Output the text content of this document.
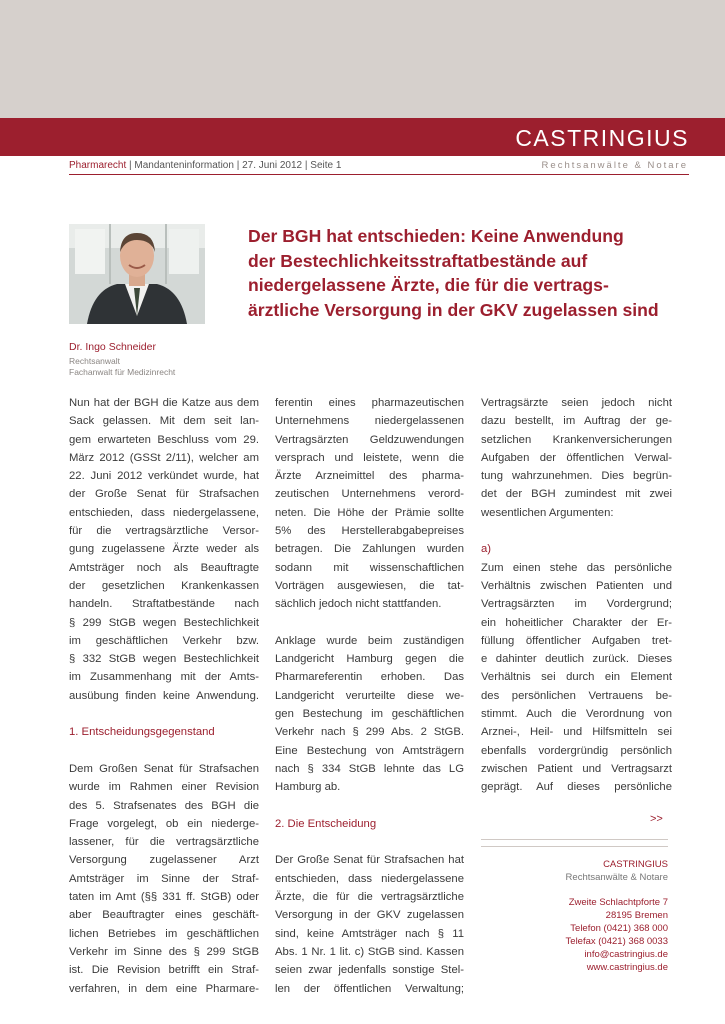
CASTRINGIUS
Pharmarecht | Mandanteninformation | 27. Juni 2012 | Seite 1	Rechtsanwälte & Notare
Dr. Ingo Schneider
Rechtsanwalt
Fachanwalt für Medizinrecht
Der BGH hat entschieden: Keine Anwendung
der Bestechlichkeitsstraftatbestände auf
niedergelassene Ärzte, die für die vertrags-
ärztliche Versorgung in der GKV zugelassen sind
Nun hat der BGH die Katze aus dem
Sack gelassen. Mit dem seit lan-
gem erwarteten Beschluss vom 29.
März 2012 (GSSt 2/11), welcher am
22. Juni 2012 verkündet wurde, hat
der Große Senat für Strafsachen
entschieden, dass niedergelassene,
für die vertragsärztliche Versor-
gung zugelassene Ärzte weder als
Amtsträger noch als Beauftragte
der gesetzlichen Krankenkassen
handeln. Straftatbestände nach
§ 299 StGB wegen Bestechlichkeit
im geschäftlichen Verkehr bzw.
§ 332 StGB wegen Bestechlichkeit
im Zusammenhang mit der Amts-
ausübung finden keine Anwendung.
1. Entscheidungsgegenstand
Dem Großen Senat für Strafsachen
wurde im Rahmen einer Revision
des 5. Strafsenates des BGH die
Frage vorgelegt, ob ein niederge-
lassener, für die vertragsärztliche
Versorgung zugelassener Arzt
Amtsträger im Sinne der Straf-
taten im Amt (§§ 331 ff. StGB) oder
aber Beauftragter eines geschäft-
lichen Betriebes im geschäftlichen
Verkehr im Sinne des § 299 StGB
ist. Die Revision betrifft ein Straf-
verfahren, in dem eine Pharmare-
ferentin eines pharmazeutischen
Unternehmens niedergelassenen
Vertragsärzten Geldzuwendungen
versprach und leistete, wenn die
Ärzte Arzneimittel des pharma-
zeutischen Unternehmens verord-
neten. Die Höhe der Prämie sollte
5% des Herstellerabgabepreises
betragen. Die Zahlungen wurden
sodann mit wissenschaftlichen
Vorträgen ausgewiesen, die tat-
sächlich jedoch nicht stattfanden.
Anklage wurde beim zuständigen
Landgericht Hamburg gegen die
Pharmareferentin erhoben. Das
Landgericht verurteilte diese we-
gen Bestechung im geschäftlichen
Verkehr nach § 299 Abs. 2 StGB.
Eine Bestechung von Amtsträgern
nach § 334 StGB lehnte das LG
Hamburg ab.
2. Die Entscheidung
Der Große Senat für Strafsachen hat
entschieden, dass niedergelassene
Ärzte, die für die vertragsärztliche
Versorgung in der GKV zugelassen
sind, keine Amtsträger nach § 11
Abs. 1 Nr. 1 lit. c) StGB sind. Kassen
seien zwar jedenfalls sonstige Stel-
len der öffentlichen Verwaltung;
Vertragsärzte seien jedoch nicht
dazu bestellt, im Auftrag der ge-
setzlichen Krankenversicherungen
Aufgaben der öffentlichen Verwal-
tung wahrzunehmen. Dies begrün-
det der BGH zumindest mit zwei
wesentlichen Argumenten:
a)
Zum einen stehe das persönliche
Verhältnis zwischen Patienten und
Vertragsärzten im Vordergrund;
ein hoheitlicher Charakter der Er-
füllung öffentlicher Aufgaben tret-
e dahinter deutlich zurück. Dieses
Verhältnis sei durch ein Element
des persönlichen Vertrauens be-
stimmt. Auch die Verordnung von
Arznei-, Heil- und Hilfsmitteln sei
ebenfalls vordergründig persönlich
zwischen Patient und Vertragsarzt
geprägt. Auf dieses persönliche
>>
CASTRINGIUS
Rechtsanwälte & Notare
Zweite Schlachtpforte 7
28195 Bremen
Telefon (0421) 368 000
Telefax (0421) 368 0033
info@castringius.de
www.castringius.de
